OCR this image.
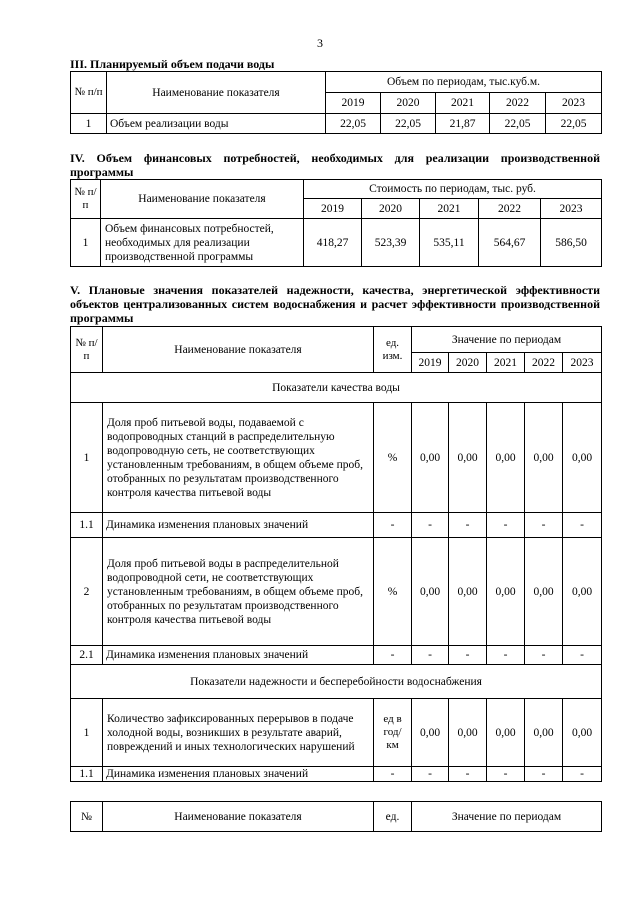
3
III. Планируемый объем подачи воды
№ п/п	Наименование показателя	Объем по периодам, тыс.куб.м.				
		2019	2020	2021	2022	2023
1	Объем реализации воды	22,05	22,05	21,87	22,05	22,05
IV. Объем финансовых потребностей, необходимых для реализации производственной программы
№ п/п	Наименование показателя	Стоимость по периодам, тыс. руб.				
		2019	2020	2021	2022	2023
1	Объем финансовых потребностей, необходимых для реализации производственной программы	418,27	523,39	535,11	564,67	586,50
V. Плановые значения показателей надежности, качества, энергетической эффективности объектов централизованных систем водоснабжения и расчет эффективности производственной программы
№ п/п	Наименование показателя	ед. изм.	Значение по периодам				
			2019	2020	2021	2022	2023
Показатели качества воды							
1	Доля проб питьевой воды, подаваемой с водопроводных станций в распределительную водопроводную сеть, не соответствующих установленным требованиям, в общем объеме проб, отобранных по результатам производственного контроля качества питьевой воды	%	0,00	0,00	0,00	0,00	0,00
1.1	Динамика изменения плановых значений	-	-	-	-	-	-
2	Доля проб питьевой воды в распределительной водопроводной сети, не соответствующих установленным требованиям, в общем объеме проб, отобранных по результатам производственного контроля качества питьевой воды	%	0,00	0,00	0,00	0,00	0,00
2.1	Динамика изменения плановых значений	-	-	-	-	-	-
Показатели надежности и бесперебойности водоснабжения							
1	Количество зафиксированных перерывов в подаче холодной воды, возникших в результате аварий, повреждений и иных технологических нарушений	ед в год/ км	0,00	0,00	0,00	0,00	0,00
1.1	Динамика изменения плановых значений	-	-	-	-	-	-
№	Наименование показателя	ед.	Значение по периодам
